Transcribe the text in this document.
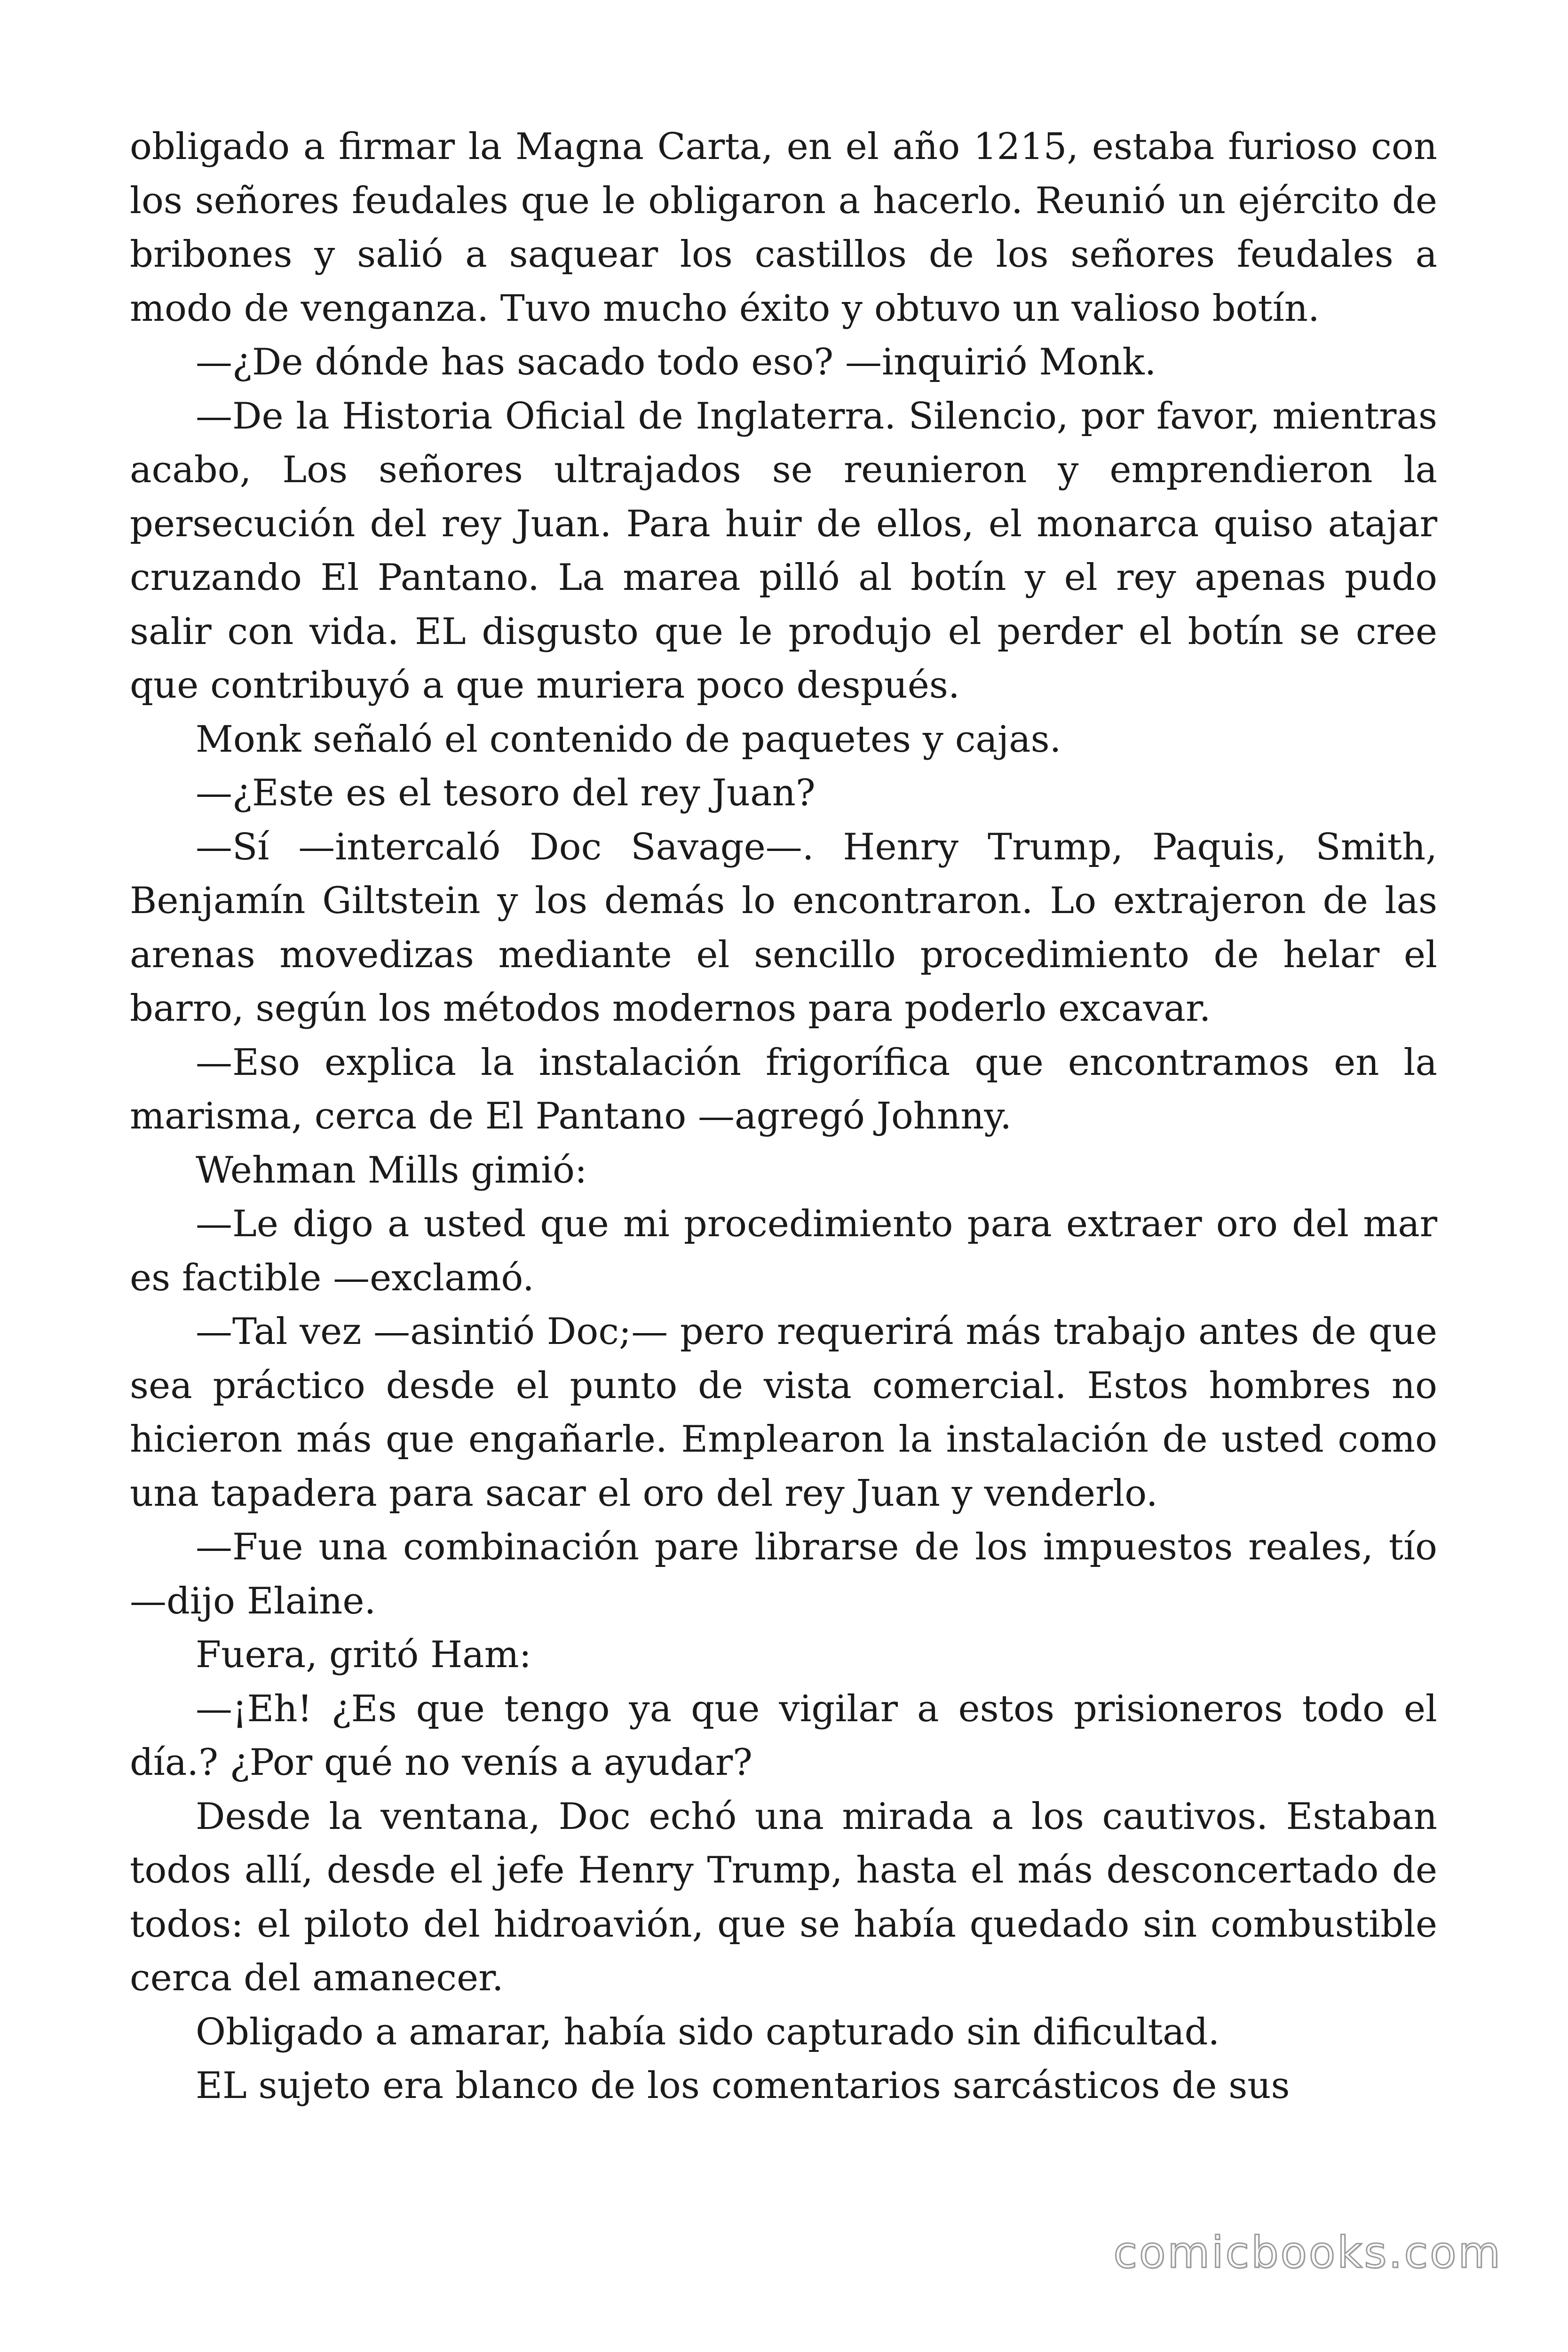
obligado a firmar la Magna Carta, en el año 1215, estaba furioso con los señores feudales que le obligaron a hacerlo. Reunió un ejército de bribones y salió a saquear los castillos de los señores feudales a modo de venganza. Tuvo mucho éxito y obtuvo un valioso botín.

—¿De dónde has sacado todo eso? —inquirió Monk.

—De la Historia Oficial de Inglaterra. Silencio, por favor, mientras acabo, Los señores ultrajados se reunieron y emprendieron la persecución del rey Juan. Para huir de ellos, el monarca quiso atajar cruzando El Pantano. La marea pilló al botín y el rey apenas pudo salir con vida. EL disgusto que le produjo el perder el botín se cree que contribuyó a que muriera poco después.

Monk señaló el contenido de paquetes y cajas.

—¿Este es el tesoro del rey Juan?

—Sí —intercaló Doc Savage—. Henry Trump, Paquis, Smith, Benjamín Giltstein y los demás lo encontraron. Lo extrajeron de las arenas movedizas mediante el sencillo procedimiento de helar el barro, según los métodos modernos para poderlo excavar.

—Eso explica la instalación frigorífica que encontramos en la marisma, cerca de El Pantano —agregó Johnny.

Wehman Mills gimió:

—Le digo a usted que mi procedimiento para extraer oro del mar es factible —exclamó.

—Tal vez —asintió Doc;— pero requerirá más trabajo antes de que sea práctico desde el punto de vista comercial. Estos hombres no hicieron más que engañarle. Emplearon la instalación de usted como una tapadera para sacar el oro del rey Juan y venderlo.

—Fue una combinación pare librarse de los impuestos reales, tío —dijo Elaine.

Fuera, gritó Ham:

—¡Eh! ¿Es que tengo ya que vigilar a estos prisioneros todo el día.? ¿Por qué no venís a ayudar?

Desde la ventana, Doc echó una mirada a los cautivos. Estaban todos allí, desde el jefe Henry Trump, hasta el más desconcertado de todos: el piloto del hidroavión, que se había quedado sin combustible cerca del amanecer.

Obligado a amarar, había sido capturado sin dificultad.

EL sujeto era blanco de los comentarios sarcásticos de sus

comicbooks.com
